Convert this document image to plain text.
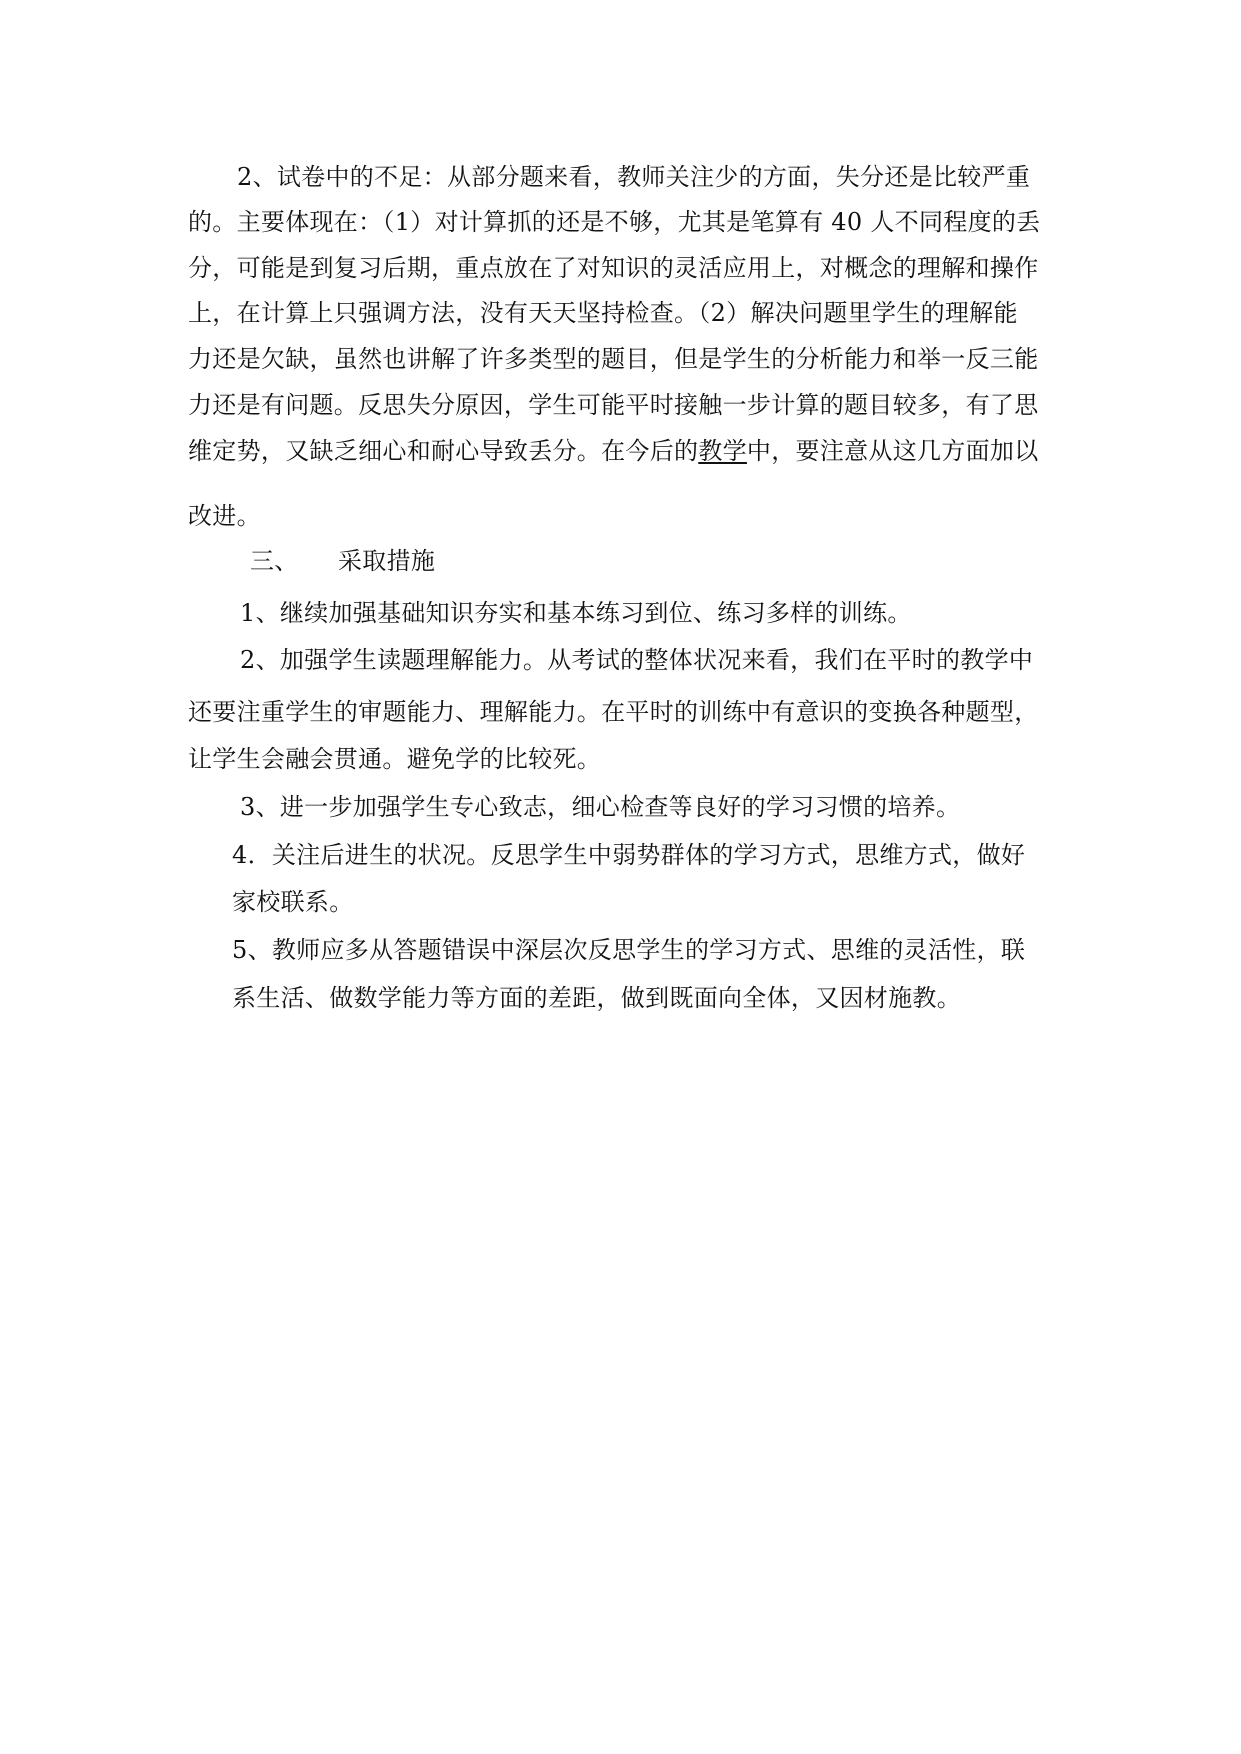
2、试卷中的不足：从部分题来看，教师关注少的方面，失分还是比较严重
的。主要体现在：（1）对计算抓的还是不够，尤其是笔算有 40 人不同程度的丢
分，可能是到复习后期，重点放在了对知识的灵活应用上，对概念的理解和操作
上，在计算上只强调方法，没有天天坚持检查。（2）解决问题里学生的理解能
力还是欠缺，虽然也讲解了许多类型的题目，但是学生的分析能力和举一反三能
力还是有问题。反思失分原因，学生可能平时接触一步计算的题目较多，有了思
维定势，又缺乏细心和耐心导致丢分。在今后的教学中，要注意从这几方面加以
改进。
三、 采取措施
1、继续加强基础知识夯实和基本练习到位、练习多样的训练。
2、加强学生读题理解能力。从考试的整体状况来看，我们在平时的教学中
还要注重学生的审题能力、理解能力。在平时的训练中有意识的变换各种题型，
让学生会融会贯通。避免学的比较死。
3、进一步加强学生专心致志，细心检查等良好的学习习惯的培养。
4．关注后进生的状况。反思学生中弱势群体的学习方式，思维方式，做好
家校联系。
5、教师应多从答题错误中深层次反思学生的学习方式、思维的灵活性，联
系生活、做数学能力等方面的差距，做到既面向全体，又因材施教。
